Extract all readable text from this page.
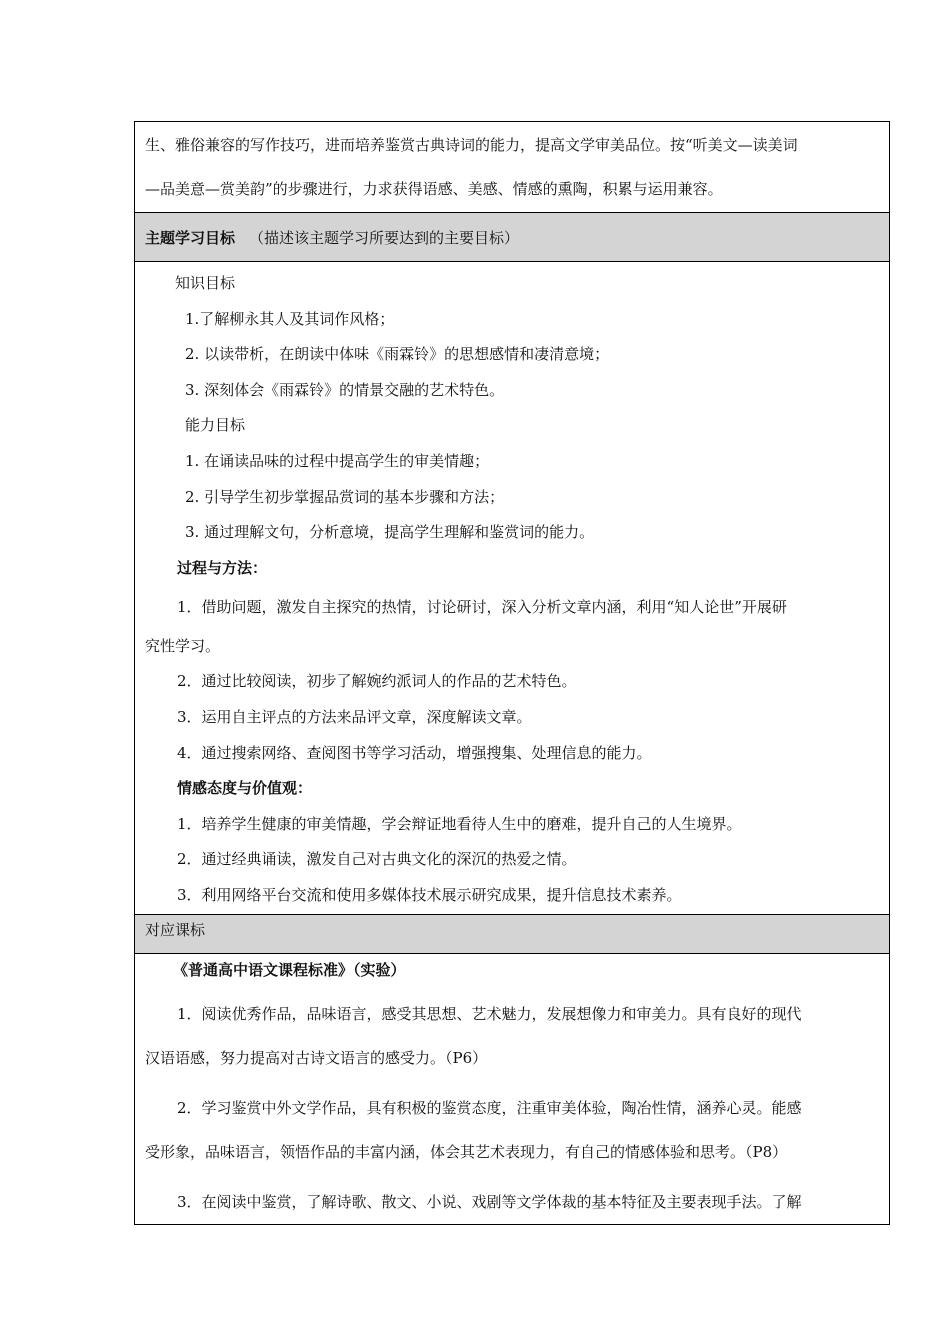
生、雅俗兼容的写作技巧，进而培养鉴赏古典诗词的能力，提高文学审美品位。按“听美文—读美词

—品美意—赏美韵”的步骤进行，力求获得语感、美感、情感的熏陶，积累与运用兼容。

主题学习目标 （描述该主题学习所要达到的主要目标）

知识目标
1.了解柳永其人及其词作风格；
2. 以读带析，在朗读中体味《雨霖铃》的思想感情和凄清意境；
3. 深刻体会《雨霖铃》的情景交融的艺术特色。
能力目标
1. 在诵读品味的过程中提高学生的审美情趣；
2. 引导学生初步掌握品赏词的基本步骤和方法；
3. 通过理解文句，分析意境，提高学生理解和鉴赏词的能力。
过程与方法：
1．借助问题，激发自主探究的热情，讨论研讨，深入分析文章内涵，利用“知人论世”开展研
究性学习。
2．通过比较阅读，初步了解婉约派词人的作品的艺术特色。
3．运用自主评点的方法来品评文章，深度解读文章。
4．通过搜索网络、查阅图书等学习活动，增强搜集、处理信息的能力。
情感态度与价值观：
1．培养学生健康的审美情趣，学会辩证地看待人生中的磨难，提升自己的人生境界。
2．通过经典诵读，激发自己对古典文化的深沉的热爱之情。
3．利用网络平台交流和使用多媒体技术展示研究成果，提升信息技术素养。

对应课标

《普通高中语文课程标准》（实验）

1．阅读优秀作品，品味语言，感受其思想、艺术魅力，发展想像力和审美力。具有良好的现代

汉语语感，努力提高对古诗文语言的感受力。（P6）

2．学习鉴赏中外文学作品，具有积极的鉴赏态度，注重审美体验，陶冶性情，涵养心灵。能感

受形象，品味语言，领悟作品的丰富内涵，体会其艺术表现力，有自己的情感体验和思考。（P8）

3．在阅读中鉴赏，了解诗歌、散文、小说、戏剧等文学体裁的基本特征及主要表现手法。了解
